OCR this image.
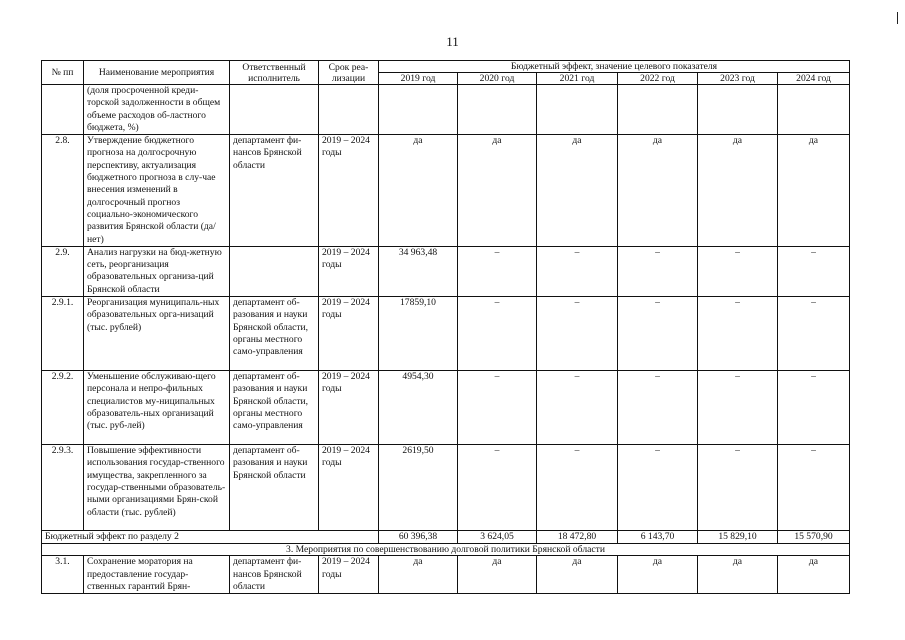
11
№ пп	Наименование мероприятия	Ответственный исполнитель	Срок реа-лизации	Бюджетный эффект, значение целевого показателя					
				2019 год	2020 год	2021 год	2022 год	2023 год	2024 год
	(доля просроченной креди-торской задолженности в общем объеме расходов об-ластного бюджета, %)								
2.8.	Утверждение бюджетного прогноза на долгосрочную перспективу, актуализация бюджетного прогноза в слу-чае внесения изменений в долгосрочный прогноз социально-экономического развития Брянской области (да/нет)	департамент фи-нансов Брянской области	2019 – 2024 годы	да	да	да	да	да	да
2.9.	Анализ нагрузки на бюд-жетную сеть, реорганизация образовательных организа-ций Брянской области		2019 – 2024 годы	34 963,48	–	–	–	–	–
2.9.1.	Реорганизация муниципаль-ных образовательных орга-низаций (тыс. рублей)	департамент об-разования и науки Брянской области, органы местного само-управления	2019 – 2024 годы	17859,10	–	–	–	–	–
2.9.2.	Уменьшение обслуживаю-щего персонала и непро-фильных специалистов му-ниципальных образователь-ных организаций (тыс. руб-лей)	департамент об-разования и науки Брянской области, органы местного само-управления	2019 – 2024 годы	4954,30	–	–	–	–	–
2.9.3.	Повышение эффективности использования государ-ственного имущества, закрепленного за государ-ственными образователь-ными организациями Брян-ской области (тыс. рублей)	департамент об-разования и науки Брянской области	2019 – 2024 годы	2619,50	–	–	–	–	–
Бюджетный эффект по разделу 2				60 396,38	3 624,05	18 472,80	6 143,70	15 829,10	15 570,90
3. Мероприятия по совершенствованию долговой политики Брянской области									
3.1.	Сохранение моратория на предоставление государ-ственных гарантий Брян-	департамент фи-нансов Брянской области	2019 – 2024 годы	да	да	да	да	да	да
